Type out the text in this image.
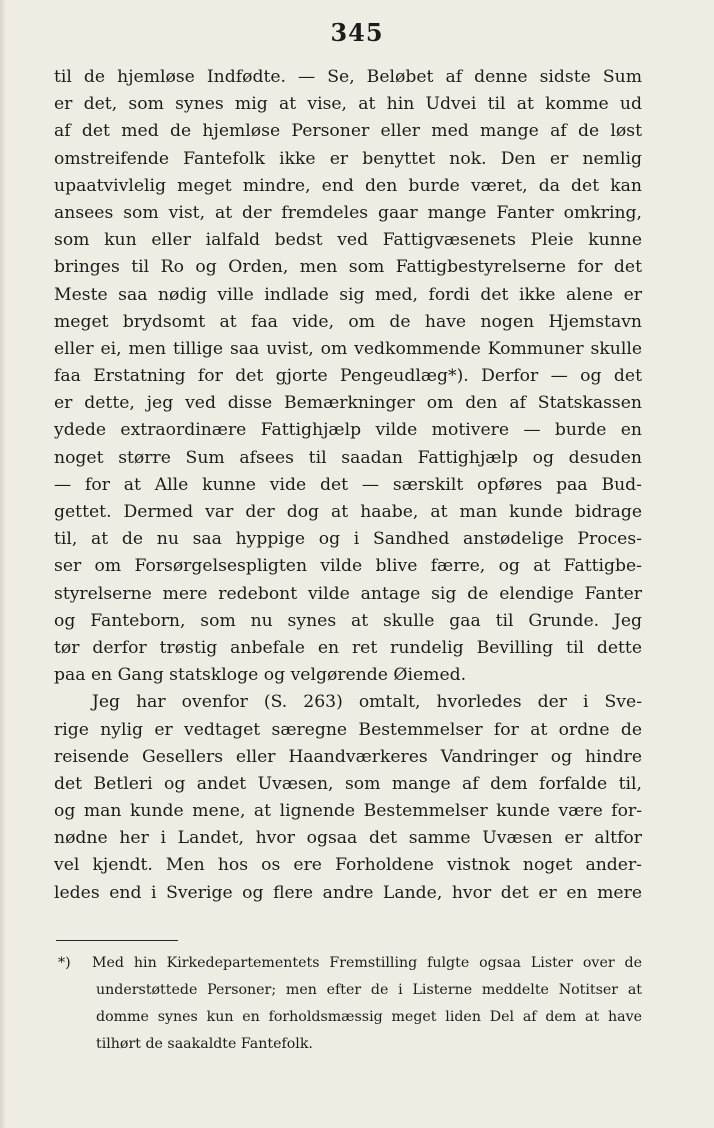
345
til de hjemløse Indfødte. — Se, Beløbet af denne sidste Sum
er det, som synes mig at vise, at hin Udvei til at komme ud
af det med de hjemløse Personer eller med mange af de løst
omstreifende Fantefolk ikke er benyttet nok. Den er nemlig
upaatvivlelig meget mindre, end den burde været, da det kan
ansees som vist, at der fremdeles gaar mange Fanter omkring,
som kun eller ialfald bedst ved Fattigvæsenets Pleie kunne
bringes til Ro og Orden, men som Fattigbestyrelserne for det
Meste saa nødig ville indlade sig med, fordi det ikke alene er
meget brydsomt at faa vide, om de have nogen Hjemstavn
eller ei, men tillige saa uvist, om vedkommende Kommuner skulle
faa Erstatning for det gjorte Pengeudlæg*). Derfor — og det
er dette, jeg ved disse Bemærkninger om den af Statskassen
ydede extraordinære Fattighjælp vilde motivere — burde en
noget større Sum afsees til saadan Fattighjælp og desuden
— for at Alle kunne vide det — særskilt opføres paa Bud-
gettet. Dermed var der dog at haabe, at man kunde bidrage
til, at de nu saa hyppige og i Sandhed anstødelige Proces-
ser om Forsørgelsespligten vilde blive færre, og at Fattigbe-
styrelserne mere redebont vilde antage sig de elendige Fanter
og Fanteborn, som nu synes at skulle gaa til Grunde. Jeg
tør derfor trøstig anbefale en ret rundelig Bevilling til dette
paa en Gang statskloge og velgørende Øiemed.
Jeg har ovenfor (S. 263) omtalt, hvorledes der i Sve-
rige nylig er vedtaget særegne Bestemmelser for at ordne de
reisende Gesellers eller Haandværkeres Vandringer og hindre
det Betleri og andet Uvæsen, som mange af dem forfalde til,
og man kunde mene, at lignende Bestemmelser kunde være for-
nødne her i Landet, hvor ogsaa det samme Uvæsen er altfor
vel kjendt. Men hos os ere Forholdene vistnok noget ander-
ledes end i Sverige og flere andre Lande, hvor det er en mere
*) Med hin Kirkedepartementets Fremstilling fulgte ogsaa Lister over de
understøttede Personer; men efter de i Listerne meddelte Notitser at
domme synes kun en forholdsmæssig meget liden Del af dem at have
tilhørt de saakaldte Fantefolk.
